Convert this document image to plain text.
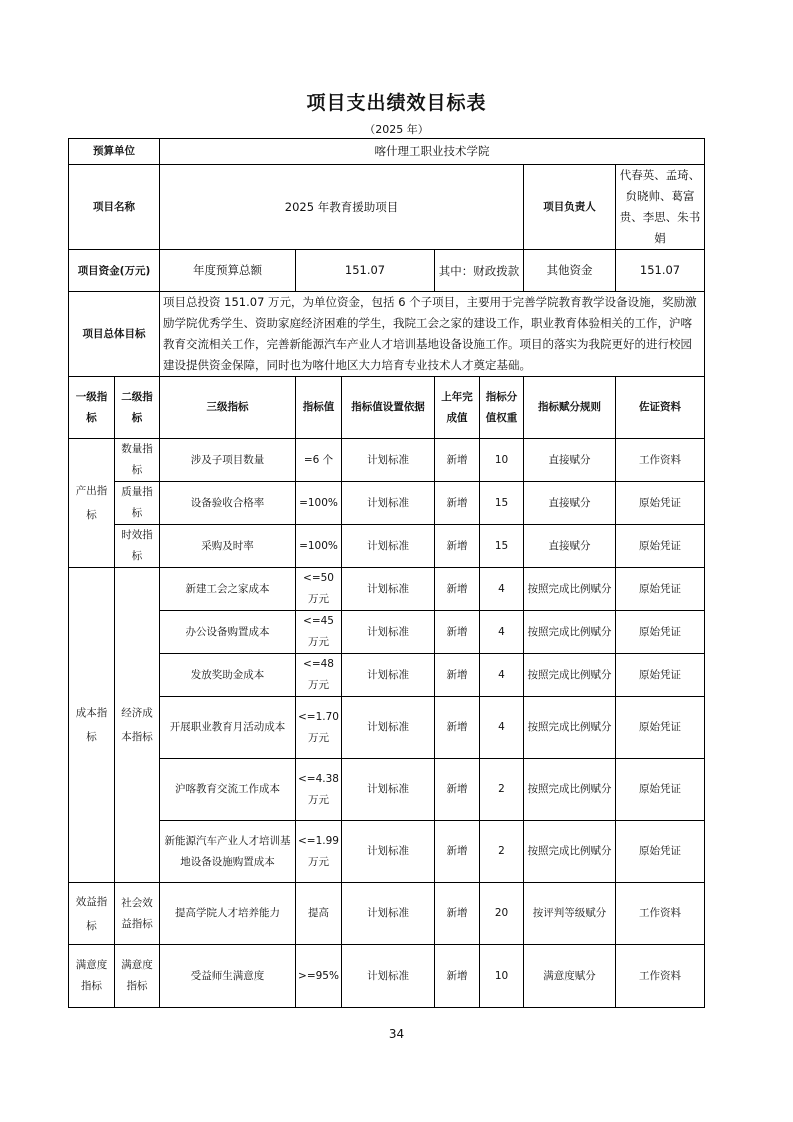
项目支出绩效目标表
（2025 年）
预算单位		喀什理工职业技术学院						
项目名称		2025 年教育援助项目					项目负责人	代春英、孟琦、贠晓帅、葛富贵、李思、朱书娟
项目资金(万元)		年度预算总额	151.07		其中：财政拨款		其他资金	151.07
项目总体目标		项目总投资 151.07 万元，为单位资金，包括 6 个子项目，主要用于完善学院教育教学设备设施，奖励激励学院优秀学生、资助家庭经济困难的学生，我院工会之家的建设工作，职业教育体验相关的工作，沪喀教育交流相关工作，完善新能源汽车产业人才培训基地设备设施工作。项目的落实为我院更好的进行校园建设提供资金保障，同时也为喀什地区大力培育专业技术人才奠定基础。						
一级指标	二级指标	三级指标	指标值	指标值设置依据	上年完成值	指标分值权重	指标赋分规则	佐证资料
产出指标	数量指标	涉及子项目数量	=6 个	计划标准	新增	10	直接赋分	工作资料
	质量指标	设备验收合格率	=100%	计划标准	新增	15	直接赋分	原始凭证
	时效指标	采购及时率	=100%	计划标准	新增	15	直接赋分	原始凭证
成本指标	经济成本指标	新建工会之家成本	<=50 万元	计划标准	新增	4	按照完成比例赋分	原始凭证
		办公设备购置成本	<=45 万元	计划标准	新增	4	按照完成比例赋分	原始凭证
		发放奖助金成本	<=48 万元	计划标准	新增	4	按照完成比例赋分	原始凭证
		开展职业教育月活动成本	<=1.70 万元	计划标准	新增	4	按照完成比例赋分	原始凭证
		沪喀教育交流工作成本	<=4.38 万元	计划标准	新增	2	按照完成比例赋分	原始凭证
		新能源汽车产业人才培训基地设备设施购置成本	<=1.99 万元	计划标准	新增	2	按照完成比例赋分	原始凭证
效益指标	社会效益指标	提高学院人才培养能力	提高	计划标准	新增	20	按评判等级赋分	工作资料
满意度指标	满意度指标	受益师生满意度	>=95%	计划标准	新增	10	满意度赋分	工作资料
34
